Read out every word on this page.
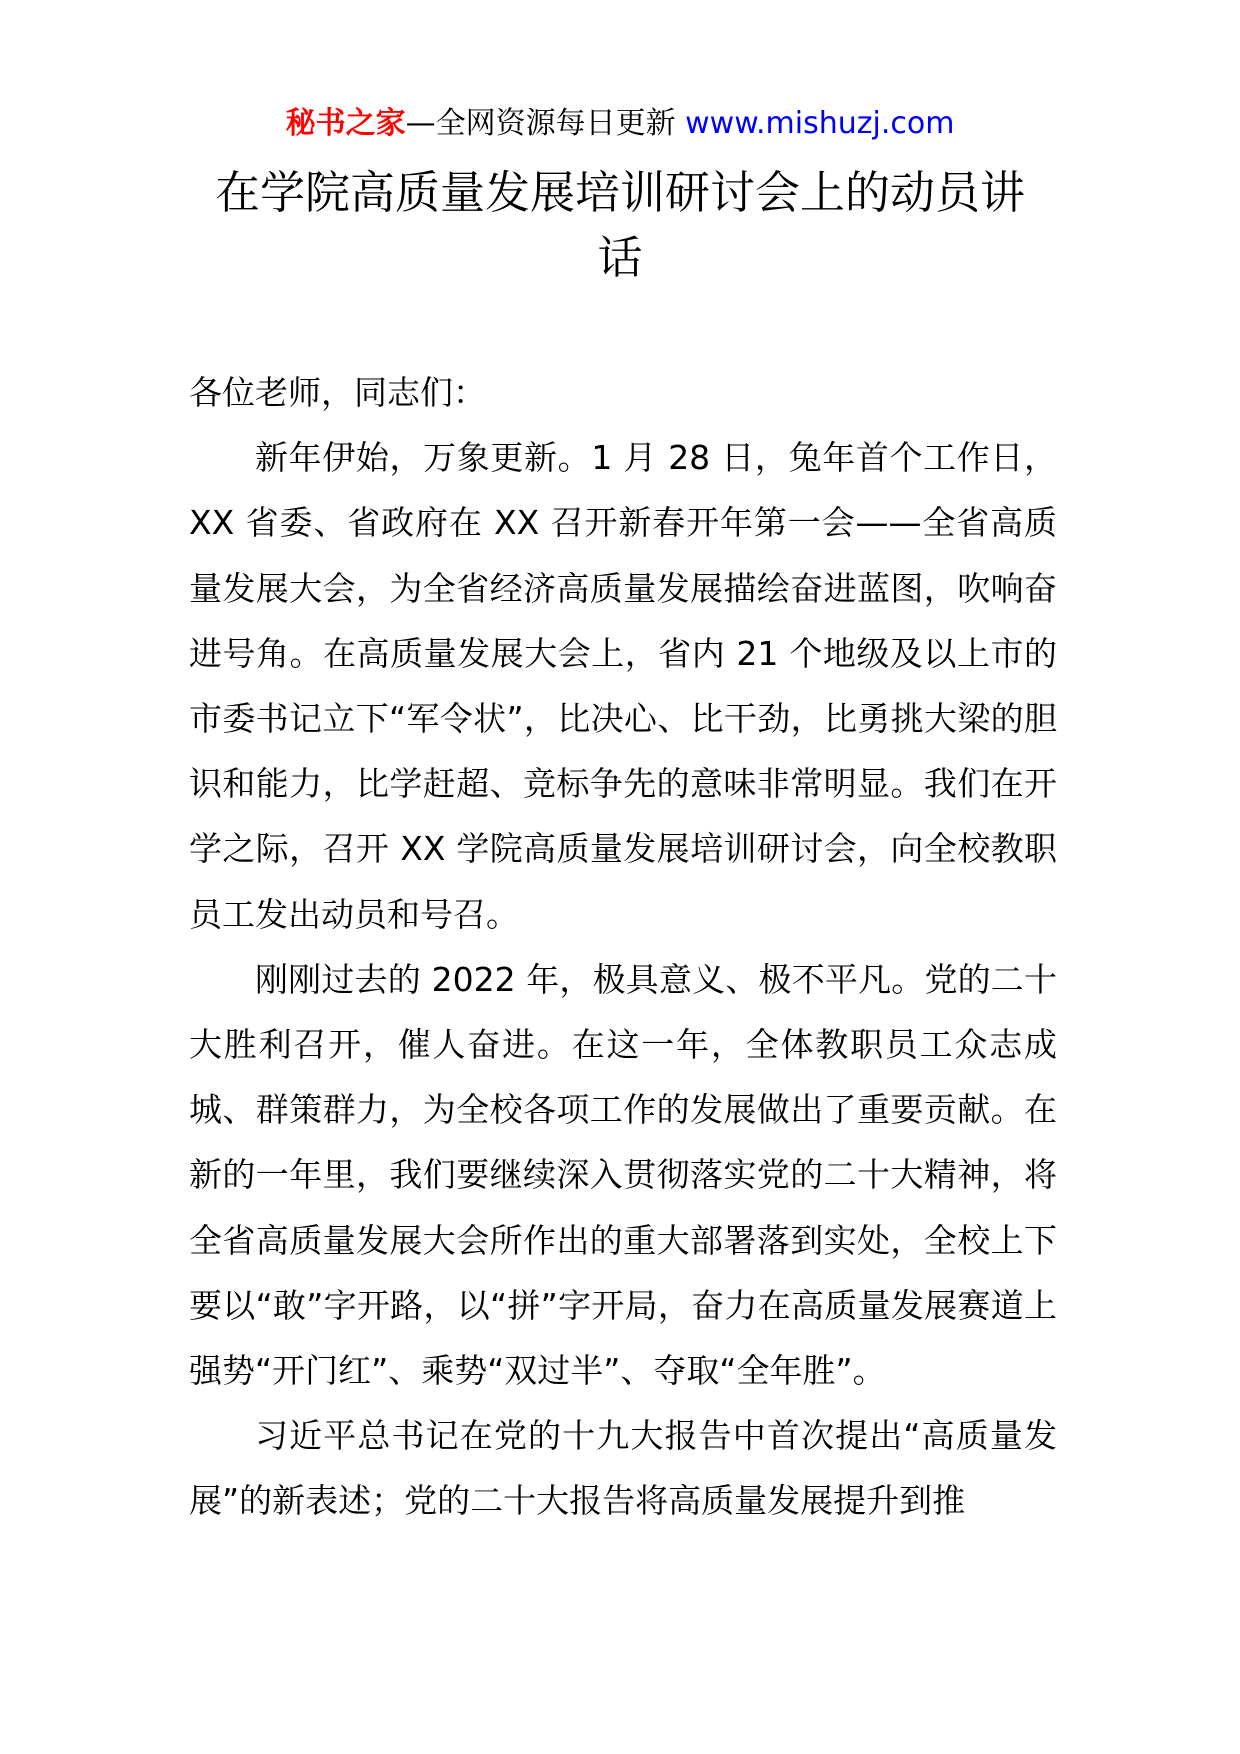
秘书之家—全网资源每日更新 www.mishuzj.com
在学院高质量发展培训研讨会上的动员讲话

各位老师，同志们：

新年伊始，万象更新。1 月 28 日，兔年首个工作日，XX 省委、省政府在 XX 召开新春开年第一会——全省高质量发展大会，为全省经济高质量发展描绘奋进蓝图，吹响奋进号角。在高质量发展大会上，省内 21 个地级及以上市的市委书记立下“军令状”，比决心、比干劲，比勇挑大梁的胆识和能力，比学赶超、竞标争先的意味非常明显。我们在开学之际，召开 XX 学院高质量发展培训研讨会，向全校教职员工发出动员和号召。

刚刚过去的 2022 年，极具意义、极不平凡。党的二十大胜利召开，催人奋进。在这一年，全体教职员工众志成城、群策群力，为全校各项工作的发展做出了重要贡献。在新的一年里，我们要继续深入贯彻落实党的二十大精神，将全省高质量发展大会所作出的重大部署落到实处，全校上下要以“敢”字开路，以“拼”字开局，奋力在高质量发展赛道上强势“开门红”、乘势“双过半”、夺取“全年胜”。

习近平总书记在党的十九大报告中首次提出“高质量发展”的新表述；党的二十大报告将高质量发展提升到推
